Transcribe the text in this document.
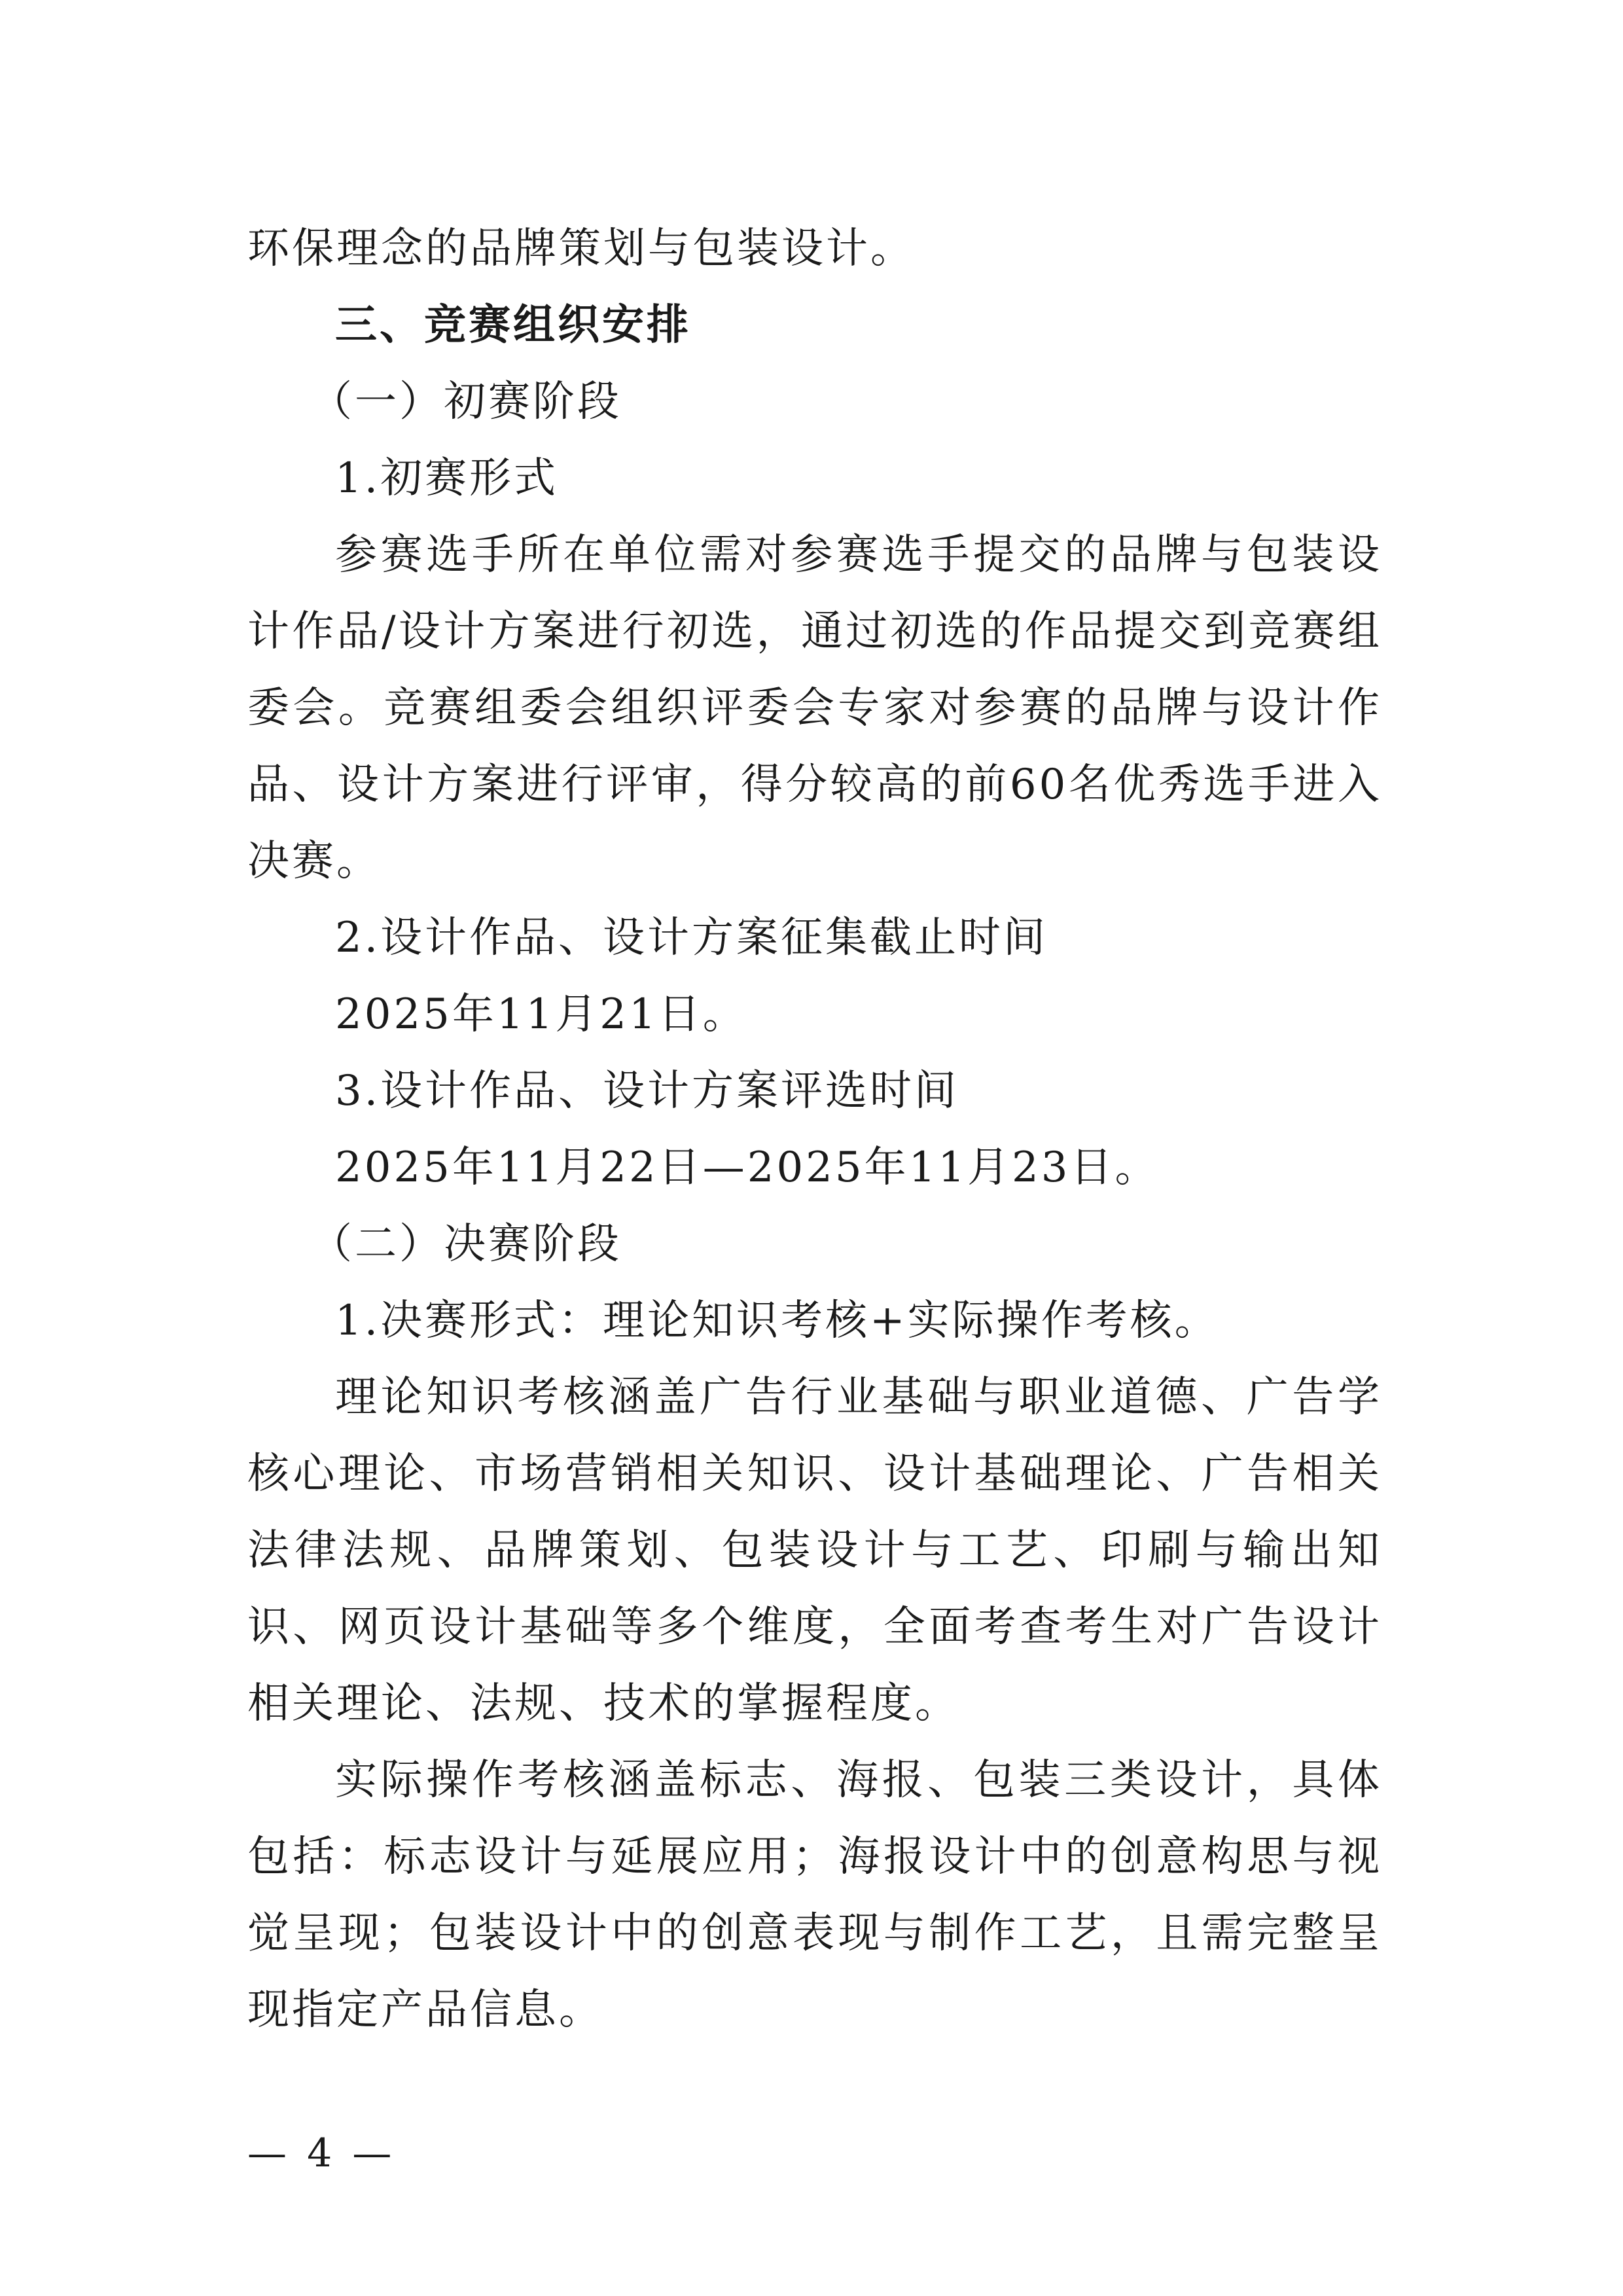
环保理念的品牌策划与包装设计。
三、竞赛组织安排
（一）初赛阶段
1.初赛形式

参赛选手所在单位需对参赛选手提交的品牌与包装设计作品/设计方案进行初选，通过初选的作品提交到竞赛组委会。竞赛组委会组织评委会专家对参赛的品牌与设计作品、设计方案进行评审，得分较高的前60名优秀选手进入决赛。

2.设计作品、设计方案征集截止时间
2025年11月21日。
3.设计作品、设计方案评选时间
2025年11月22日—2025年11月23日。
（二）决赛阶段
1.决赛形式：理论知识考核+实际操作考核。

理论知识考核涵盖广告行业基础与职业道德、广告学核心理论、市场营销相关知识、设计基础理论、广告相关法律法规、品牌策划、包装设计与工艺、印刷与输出知识、网页设计基础等多个维度，全面考查考生对广告设计相关理论、法规、技术的掌握程度。

实际操作考核涵盖标志、海报、包装三类设计，具体包括：标志设计与延展应用；海报设计中的创意构思与视觉呈现；包装设计中的创意表现与制作工艺，且需完整呈现指定产品信息。

— 4 —
